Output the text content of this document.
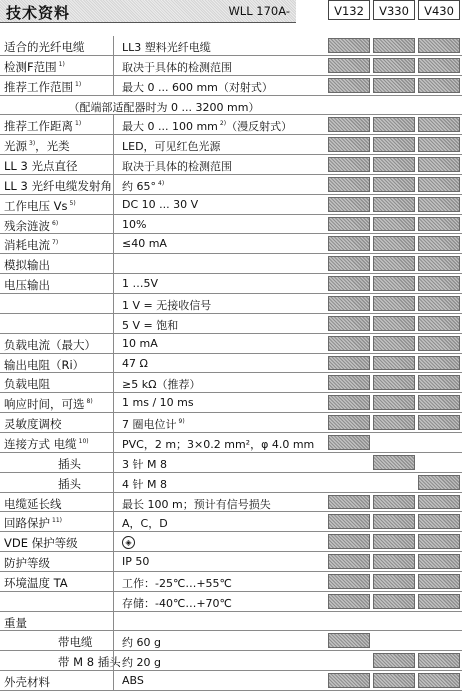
技术资料	WLL 170A-	V132	V330	V430
适合的光纤电缆	LL3 塑料光纤电缆
检测F范围 $^{1)}$	取决于具体的检测范围
推荐工作范围 $^{1)}$	最大 0 ... 600 mm（对射式）
（配端部适配器时为 0 ... 3200 mm）
推荐工作距离 $^{1)}$	最大 0 ... 100 mm $^{2)}$（漫反射式）
光源 $^{3)}$，光类	LED，可见红色光源
LL 3 光点直径	取决于具体的检测范围
LL 3 光纤电缆发射角 约 65° $^{4)}$
工作电压 Vs $^{5)}$	DC 10 ... 30 V
残余涟波 $^{6)}$	10%
消耗电流 $^{7)}$	≤40 mA
模拟输出
电压输出	1 …5V
1 V = 无接收信号
5 V = 饱和
负载电流（最大） 10 mA
输出电阻（Ri）	47 Ω
负载电阻	≥5 kΩ（推荐）
响应时间，可选 $^{8)}$	1 ms / 10 ms
灵敏度调校	7 圈电位计 $^{9)}$
连接方式 电缆 $^{10)}$	PVC，2 m；3×0.2 mm²，φ 4.0 mm
插头	3 针 M 8
插头	4 针 M 8
电缆延长线	最长 100 m；预计有信号损失
回路保护 $^{11)}$	A，C，D
VDE 保护等级	◈
防护等级	IP 50
环境温度 TA	工作：-25℃…+55℃
存储：-40℃…+70℃
重量
带电缆	约 60 g
带 M 8 插头 约 20 g
外壳材料	ABS
